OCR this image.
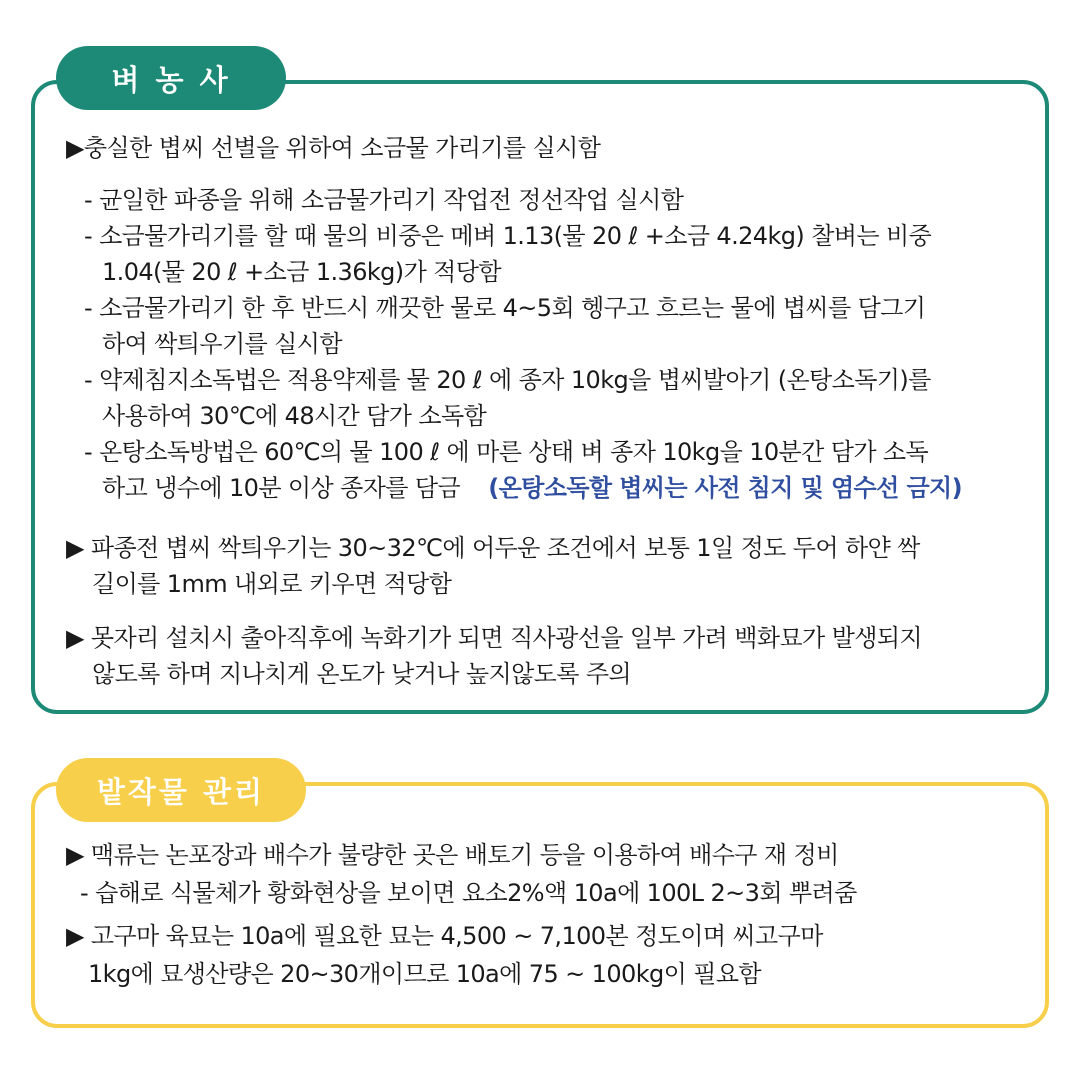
벼 농 사
▶충실한 볍씨 선별을 위하여 소금물 가리기를 실시함
- 균일한 파종을 위해 소금물가리기 작업전 정선작업 실시함
- 소금물가리기를 할 때 물의 비중은 메벼 1.13(물 20 ℓ +소금 4.24kg) 찰벼는 비중
1.04(물 20 ℓ +소금 1.36kg)가 적당함
- 소금물가리기 한 후 반드시 깨끗한 물로 4~5회 헹구고 흐르는 물에 볍씨를 담그기
하여 싹틔우기를 실시함
- 약제침지소독법은 적용약제를 물 20 ℓ 에 종자 10kg을 볍씨발아기 (온탕소독기)를
사용하여 30℃에 48시간 담가 소독함
- 온탕소독방법은 60℃의 물 100 ℓ 에 마른 상태 벼 종자 10kg을 10분간 담가 소독
하고 냉수에 10분 이상 종자를 담금 (온탕소독할 볍씨는 사전 침지 및 염수선 금지)
▶ 파종전 볍씨 싹틔우기는 30~32℃에 어두운 조건에서 보통 1일 정도 두어 하얀 싹
길이를 1mm 내외로 키우면 적당함
▶ 못자리 설치시 출아직후에 녹화기가 되면 직사광선을 일부 가려 백화묘가 발생되지
않도록 하며 지나치게 온도가 낮거나 높지않도록 주의
밭작물 관리
▶ 맥류는 논포장과 배수가 불량한 곳은 배토기 등을 이용하여 배수구 재 정비
- 습해로 식물체가 황화현상을 보이면 요소2%액 10a에 100L 2~3회 뿌려줌
▶ 고구마 육묘는 10a에 필요한 묘는 4,500 ~ 7,100본 정도이며 씨고구마
1kg에 묘생산량은 20~30개이므로 10a에 75 ~ 100kg이 필요함
